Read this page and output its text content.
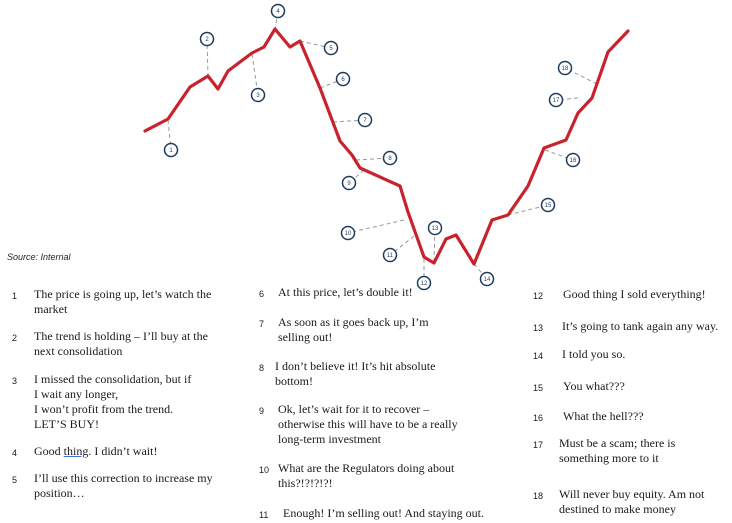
1
2
3
4
5
6
7
8
9
10
11
12
13
14
15
16
17
18
Source: Internal
1 The price is going up, let’s watch the
market
2 The trend is holding – I’ll buy at the
next consolidation
3 I missed the consolidation, but if
I wait any longer,
I won’t profit from the trend.
LET’S BUY!
4 Good thing. I didn’t wait!
5 I’ll use this correction to increase my
position…
6 At this price, let’s double it!
7 As soon as it goes back up, I’m
selling out!
8 I don’t believe it! It’s hit absolute
bottom!
9 Ok, let’s wait for it to recover –
otherwise this will have to be a really
long-term investment
10 What are the Regulators doing about
this?!?!?!?!
11 Enough! I’m selling out! And staying out.
12 Good thing I sold everything!
13 It’s going to tank again any way.
14 I told you so.
15 You what???
16 What the hell???
17 Must be a scam; there is
something more to it
18 Will never buy equity. Am not
destined to make money
